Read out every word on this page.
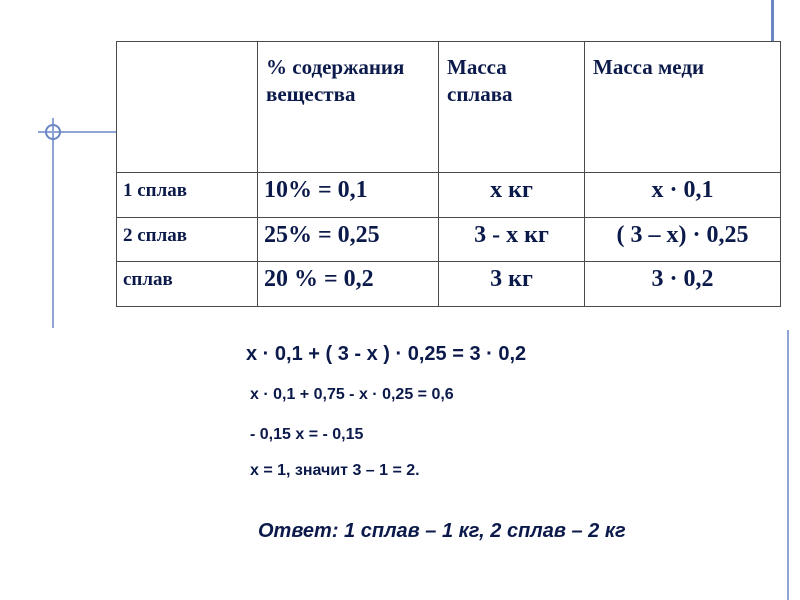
	% содержания вещества	Масса сплава	Масса меди
1 сплав	10% = 0,1	х кг	х · 0,1
2 сплав	25% = 0,25	3 - х кг	( 3 – х) · 0,25
сплав	20 % = 0,2	3 кг	3 · 0,2
х · 0,1 + ( 3 - х ) · 0,25 = 3 · 0,2
х · 0,1 + 0,75 - х · 0,25 = 0,6
- 0,15 х = - 0,15
х = 1, значит 3 – 1 = 2.
Ответ: 1 сплав – 1 кг, 2 сплав – 2 кг
